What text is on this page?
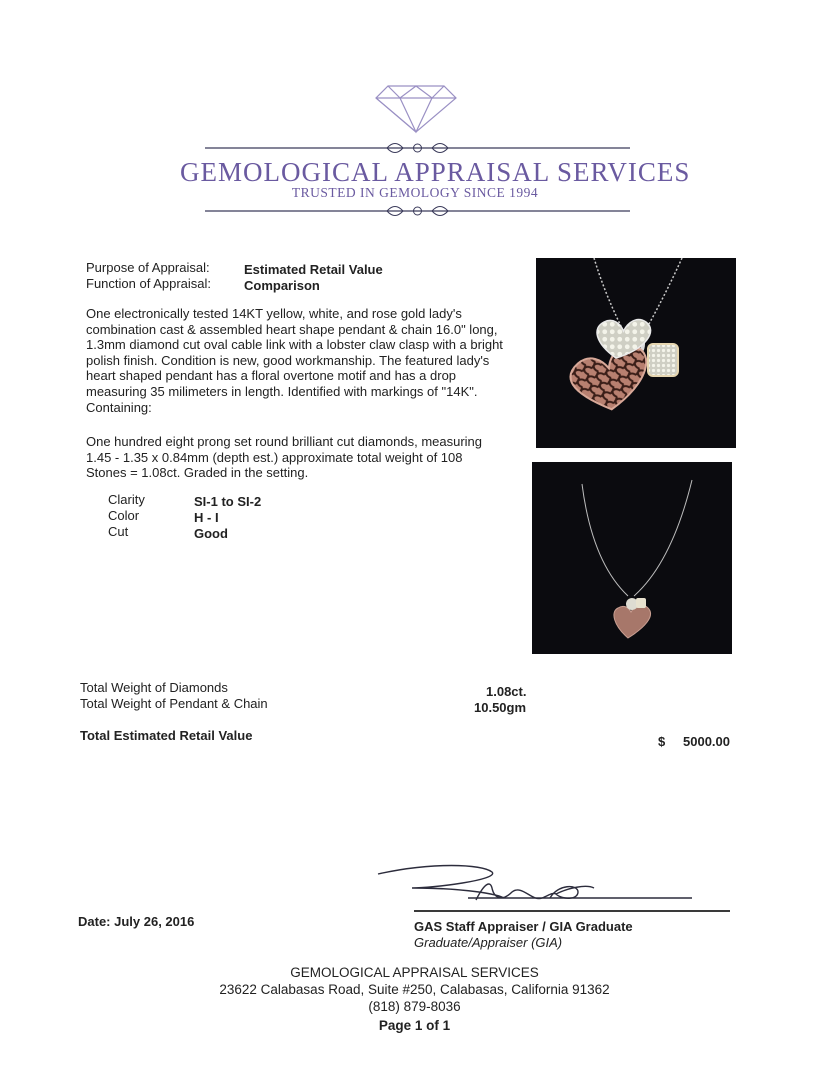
GEMOLOGICAL APPRAISAL SERVICES
TRUSTED IN GEMOLOGY SINCE 1994
Purpose of Appraisal:	Estimated Retail Value
Function of Appraisal:	Comparison
One electronically tested 14KT yellow, white, and rose gold lady's combination cast & assembled heart shape pendant & chain 16.0" long, 1.3mm diamond cut oval cable link with a lobster claw clasp with a bright polish finish. Condition is new, good workmanship. The featured lady's heart shaped pendant has a floral overtone motif and has a drop measuring 35 milimeters in length. Identified with markings of "14K". Containing:
One hundred eight prong set round brilliant cut diamonds, measuring 1.45 - 1.35 x 0.84mm (depth est.) approximate total weight of 108 Stones = 1.08ct. Graded in the setting.
Clarity	SI-1 to SI-2
Color	H - I
Cut	Good
Total Weight of Diamonds	1.08ct.
Total Weight of Pendant & Chain	10.50gm
Total Estimated Retail Value	$ 5000.00
Date: July 26, 2016	GAS Staff Appraiser / GIA Graduate
Graduate/Appraiser (GIA)
GEMOLOGICAL APPRAISAL SERVICES
23622 Calabasas Road, Suite #250, Calabasas, California 91362
(818) 879-8036
Page 1 of 1
